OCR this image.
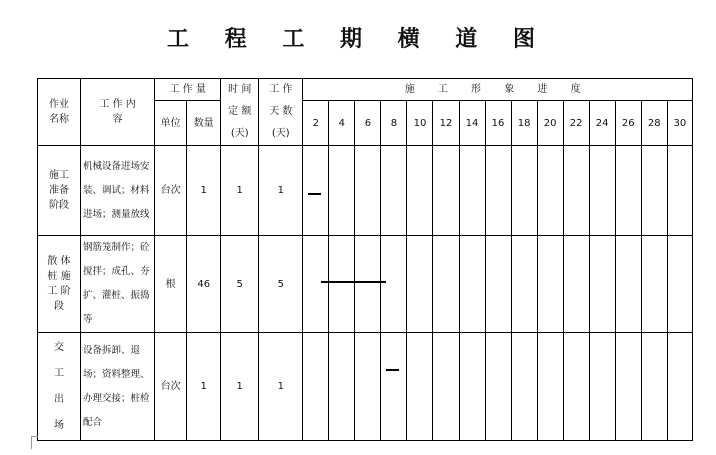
工 程 工 期 横 道 图
作业名称	工 作 内 容	工 作 量		时 间 定 额 (天)	工 作 天 数 (天)	施 工 形 象 进 度														
		单位	数量			2	4	6	8	10	12	14	16	18	20	22	24	26	28	30
施工准备阶段	机械设备进场安装、调试；材料进场；测量放线	台次	1	1	1															
散 体 桩 施 工 阶段	钢筋笼制作；砼搅拌；成孔、夯扩、灌桩、振捣等	根	46	5	5															
交 工 出 场	设备拆卸、退场；资料整理、办理交接；桩检配合	台次	1	1	1															
